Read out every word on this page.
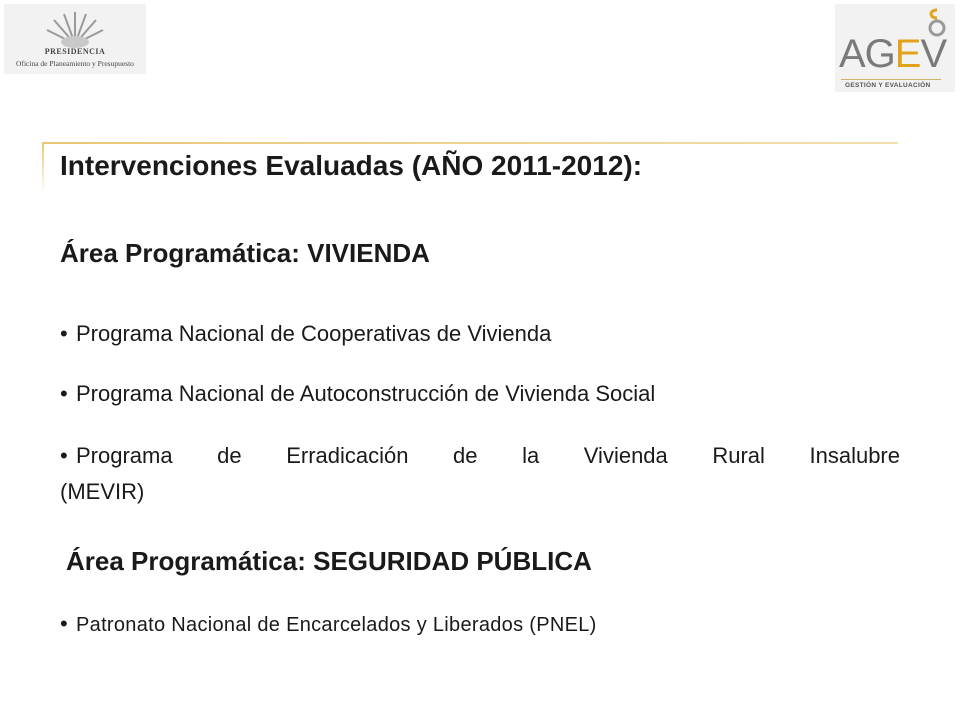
PRESIDENCIA
Oficina de Planeamiento y Presupuesto	AGEV
GESTIÓN Y EVALUACIÓN
Intervenciones Evaluadas (AÑO 2011-2012):
Área Programática: VIVIENDA
• Programa Nacional de Cooperativas de Vivienda
• Programa Nacional de Autoconstrucción de Vivienda Social
• Programa de Erradicación de la Vivienda Rural Insalubre
(MEVIR)
Área Programática: SEGURIDAD PÚBLICA
• Patronato Nacional de Encarcelados y Liberados (PNEL)
